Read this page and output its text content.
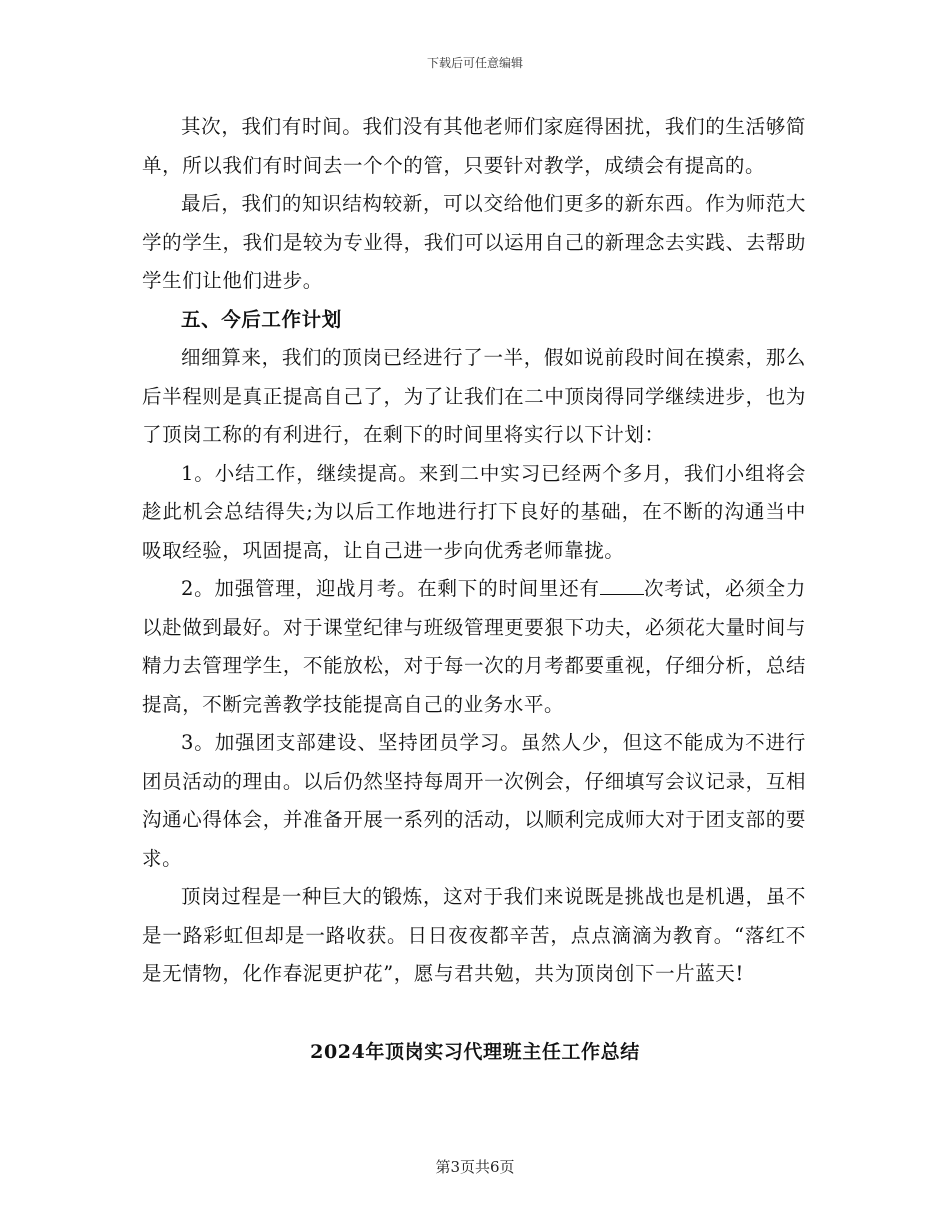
下载后可任意编辑

其次，我们有时间。我们没有其他老师们家庭得困扰，我们的生活够简单，所以我们有时间去一个个的管，只要针对教学，成绩会有提高的。

最后，我们的知识结构较新，可以交给他们更多的新东西。作为师范大学的学生，我们是较为专业得，我们可以运用自己的新理念去实践、去帮助学生们让他们进步。

五、今后工作计划

细细算来，我们的顶岗已经进行了一半，假如说前段时间在摸索，那么后半程则是真正提高自己了，为了让我们在二中顶岗得同学继续进步，也为了顶岗工称的有利进行，在剩下的时间里将实行以下计划：

1。小结工作，继续提高。来到二中实习已经两个多月，我们小组将会趁此机会总结得失;为以后工作地进行打下良好的基础，在不断的沟通当中吸取经验，巩固提高，让自己进一步向优秀老师靠拢。

2。加强管理，迎战月考。在剩下的时间里还有 次考试，必须全力以赴做到最好。对于课堂纪律与班级管理更要狠下功夫，必须花大量时间与精力去管理学生，不能放松，对于每一次的月考都要重视，仔细分析，总结提高，不断完善教学技能提高自己的业务水平。

3。加强团支部建设、坚持团员学习。虽然人少，但这不能成为不进行团员活动的理由。以后仍然坚持每周开一次例会，仔细填写会议记录，互相沟通心得体会，并准备开展一系列的活动，以顺利完成师大对于团支部的要求。

顶岗过程是一种巨大的锻炼，这对于我们来说既是挑战也是机遇，虽不是一路彩虹但却是一路收获。日日夜夜都辛苦，点点滴滴为教育。“落红不是无情物，化作春泥更护花”，愿与君共勉，共为顶岗创下一片蓝天!

2024年顶岗实习代理班主任工作总结

第3页共6页
